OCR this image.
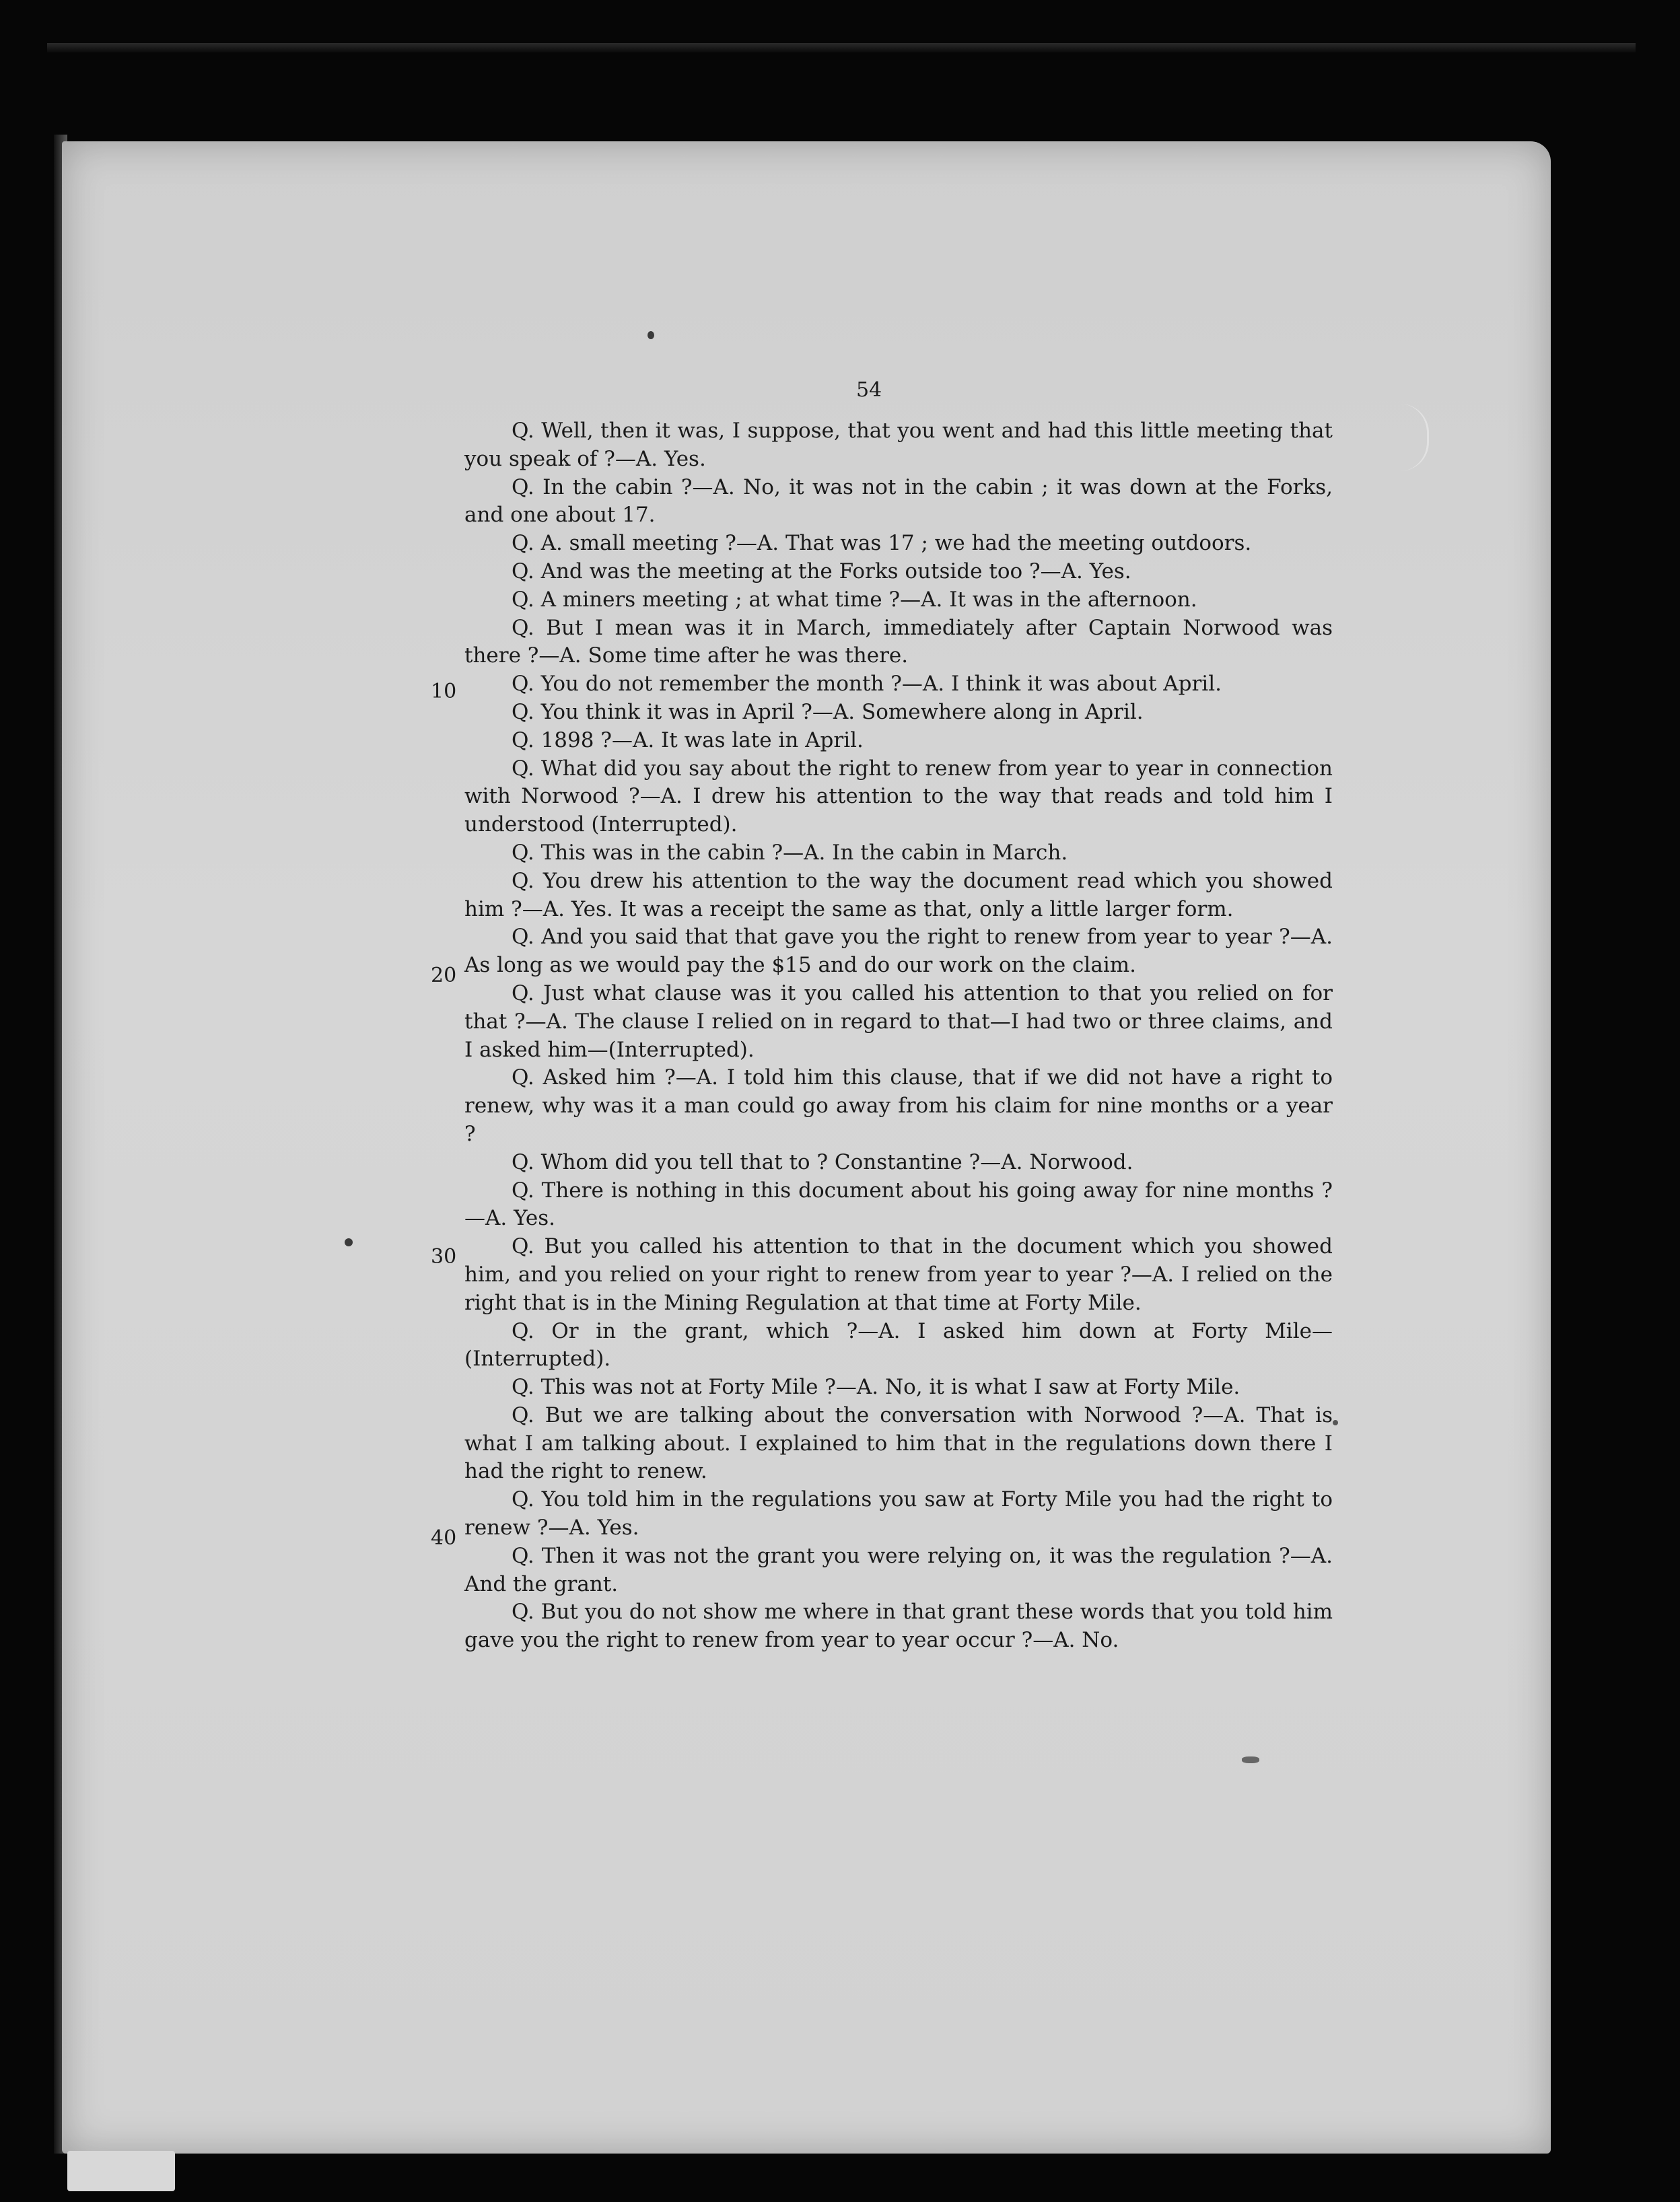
54
10
20
30
40

Q. Well, then it was, I suppose, that you went and had this little meeting that you speak of ?—A. Yes.

Q. In the cabin ?—A. No, it was not in the cabin ; it was down at the Forks, and one about 17.

Q. A. small meeting ?—A. That was 17 ; we had the meeting outdoors.

Q. And was the meeting at the Forks outside too ?—A. Yes.

Q. A miners meeting ; at what time ?—A. It was in the afternoon.

Q. But I mean was it in March, immediately after Captain Norwood was there ?—A. Some time after he was there.

Q. You do not remember the month ?—A. I think it was about April.

Q. You think it was in April ?—A. Somewhere along in April.

Q. 1898 ?—A. It was late in April.

Q. What did you say about the right to renew from year to year in connection with Norwood ?—A. I drew his attention to the way that reads and told him I understood (Interrupted).

Q. This was in the cabin ?—A. In the cabin in March.

Q. You drew his attention to the way the document read which you showed him ?—A. Yes. It was a receipt the same as that, only a little larger form.

Q. And you said that that gave you the right to renew from year to year ?—A. As long as we would pay the $15 and do our work on the claim.

Q. Just what clause was it you called his attention to that you relied on for that ?—A. The clause I relied on in regard to that—I had two or three claims, and I asked him—(Interrupted).

Q. Asked him ?—A. I told him this clause, that if we did not have a right to renew, why was it a man could go away from his claim for nine months or a year ?

Q. Whom did you tell that to ? Constantine ?—A. Norwood.

Q. There is nothing in this document about his going away for nine months ?—A. Yes.

Q. But you called his attention to that in the document which you showed him, and you relied on your right to renew from year to year ?—A. I relied on the right that is in the Mining Regulation at that time at Forty Mile.

Q. Or in the grant, which ?—A. I asked him down at Forty Mile—(Interrupted).

Q. This was not at Forty Mile ?—A. No, it is what I saw at Forty Mile.

Q. But we are talking about the conversation with Norwood ?—A. That is what I am talking about. I explained to him that in the regulations down there I had the right to renew.

Q. You told him in the regulations you saw at Forty Mile you had the right to renew ?—A. Yes.

Q. Then it was not the grant you were relying on, it was the regulation ?—A. And the grant.

Q. But you do not show me where in that grant these words that you told him gave you the right to renew from year to year occur ?—A. No.
